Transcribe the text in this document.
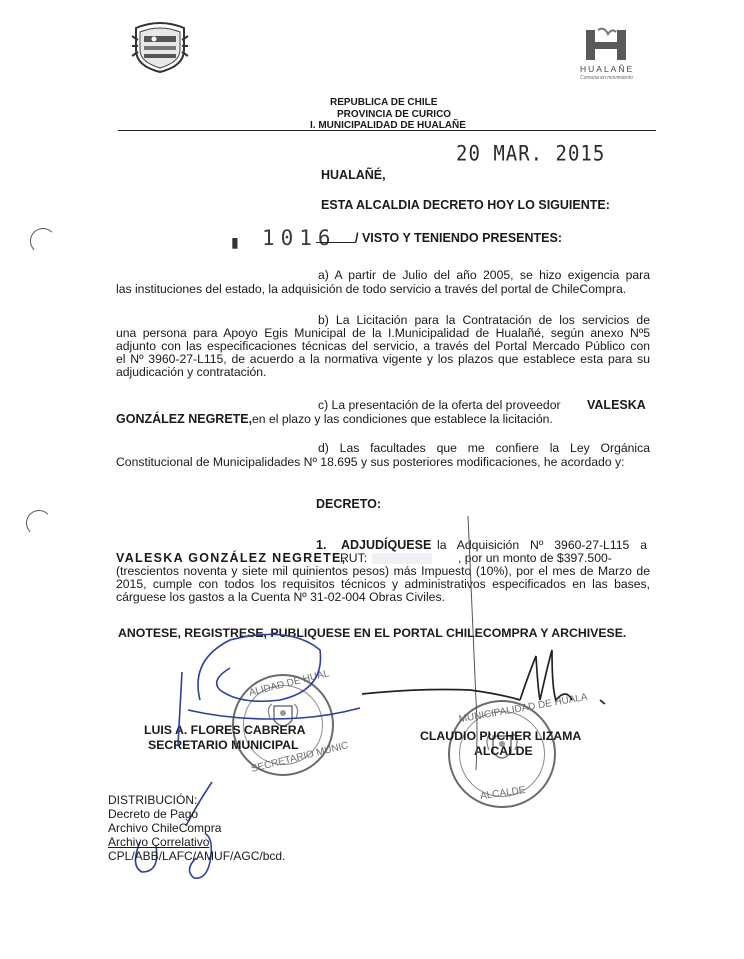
HUALAÑE
Comuna en movimiento
REPUBLICA DE CHILE
PROVINCIA DE CURICO
I. MUNICIPALIDAD DE HUALAÑE
20 MAR. 2015
HUALAÑÉ,
ESTA ALCALDIA DECRETO HOY LO SIGUIENTE:
▮ 1016 / VISTO Y TENIENDO PRESENTES:
a) A partir de Julio del año 2005, se hizo exigencia para
las instituciones del estado, la adquisición de todo servicio a través del portal de ChileCompra.
b) La Licitación para la Contratación de los servicios de
una persona para Apoyo Egis Municipal de la I.Municipalidad de Hualañé, según anexo Nº5
adjunto con las especificaciones técnicas del servicio, a través del Portal Mercado Público con
el Nº 3960-27-L115, de acuerdo a la normativa vigente y los plazos que establece esta para su
adjudicación y contratación.
c) La presentación de la oferta del proveedor VALESKA
GONZÁLEZ NEGRETE, en el plazo y las condiciones que establece la licitación.
d) Las facultades que me confiere la Ley Orgánica
Constitucional de Municipalidades Nº 18.695 y sus posteriores modificaciones, he acordado y:
DECRETO:
1. ADJUDÍQUESE la Adquisición Nº 3960-27-L115 a
VALESKA GONZÁLEZ NEGRETE,
RUT:	, por un monto de $397.500-
(trescientos noventa y siete mil quinientos pesos) más Impuesto (10%), por el mes de Marzo de
2015, cumple con todos los requisitos técnicos y administrativos especificados en las bases,
cárguese los gastos a la Cuenta Nº 31-02-004 Obras Civiles.
ANOTESE, REGISTRESE, PUBLIQUESE EN EL PORTAL CHILECOMPRA Y ARCHIVESE.
ALIDAD DE HUAL
SECRETARIO MUNIC
MUNICIPALIDAD DE HUALA
ALCALDE
LUIS A. FLORES CABRERA
SECRETARIO MUNICIPAL
CLAUDIO PUCHER LIZAMA
ALCALDE
DISTRIBUCIÓN:
Decreto de Pago
Archivo ChileCompra
Archivo Correlativo
CPL/ABB/LAFC/AMUF/AGC/bcd.
